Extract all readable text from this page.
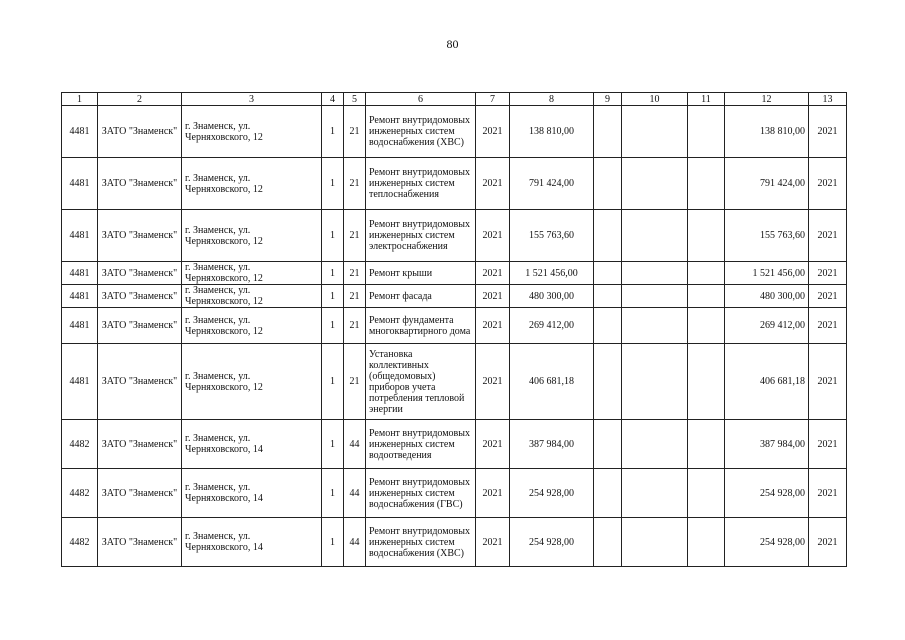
80
1	2	3	4	5	6	7	8	9	10	11	12	13
4481	ЗАТО "Знаменск"	г. Знаменск, ул. Черняховского, 12	1	21	Ремонт внутридомовых инженерных систем водоснабжения (ХВС)	2021	138 810,00				138 810,00	2021
4481	ЗАТО "Знаменск"	г. Знаменск, ул. Черняховского, 12	1	21	Ремонт внутридомовых инженерных систем теплоснабжения	2021	791 424,00				791 424,00	2021
4481	ЗАТО "Знаменск"	г. Знаменск, ул. Черняховского, 12	1	21	Ремонт внутридомовых инженерных систем электроснабжения	2021	155 763,60				155 763,60	2021
4481	ЗАТО "Знаменск"	г. Знаменск, ул. Черняховского, 12	1	21	Ремонт крыши	2021	1 521 456,00				1 521 456,00	2021
4481	ЗАТО "Знаменск"	г. Знаменск, ул. Черняховского, 12	1	21	Ремонт фасада	2021	480 300,00				480 300,00	2021
4481	ЗАТО "Знаменск"	г. Знаменск, ул. Черняховского, 12	1	21	Ремонт фундамента многоквартирного дома	2021	269 412,00				269 412,00	2021
4481	ЗАТО "Знаменск"	г. Знаменск, ул. Черняховского, 12	1	21	Установка коллективных (общедомовых) приборов учета потребления тепловой энергии	2021	406 681,18				406 681,18	2021
4482	ЗАТО "Знаменск"	г. Знаменск, ул. Черняховского, 14	1	44	Ремонт внутридомовых инженерных систем водоотведения	2021	387 984,00				387 984,00	2021
4482	ЗАТО "Знаменск"	г. Знаменск, ул. Черняховского, 14	1	44	Ремонт внутридомовых инженерных систем водоснабжения (ГВС)	2021	254 928,00				254 928,00	2021
4482	ЗАТО "Знаменск"	г. Знаменск, ул. Черняховского, 14	1	44	Ремонт внутридомовых инженерных систем водоснабжения (ХВС)	2021	254 928,00				254 928,00	2021
